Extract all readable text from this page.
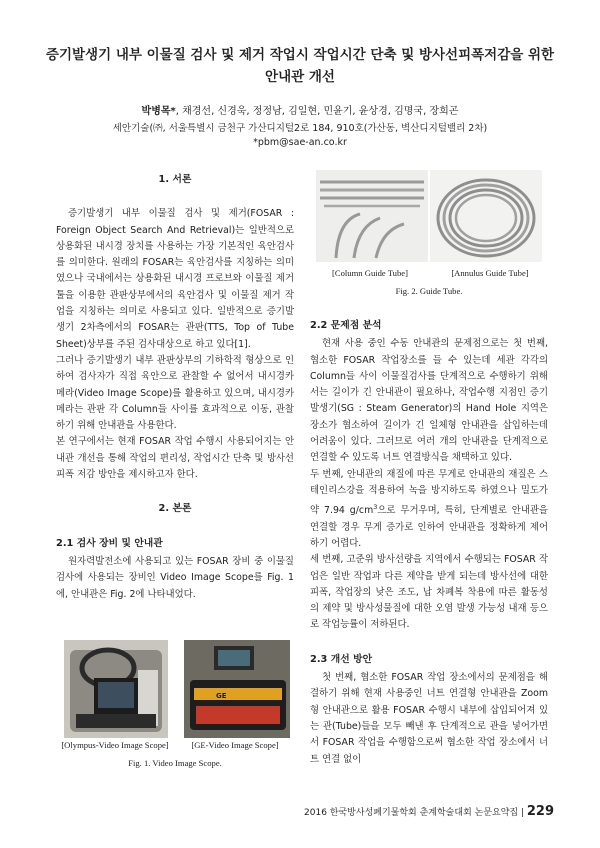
증기발생기 내부 이물질 검사 및 제거 작업시 작업시간 단축 및 방사선피폭저감을 위한
안내관 개선
박병목*, 채경선, 신경욱, 정정남, 김일현, 민윤기, 윤상경, 김명국, 장희곤
세안기술(㈜, 서울특별시 금천구 가산디지털2로 184, 910호(가산동, 벽산디지털밸리 2차)
*pbm@sae-an.co.kr
1. 서론

증기발생기 내부 이물질 검사 및 제거(FOSAR : Foreign Object Search And Retrieval)는 일반적으로 상용화된 내시경 장치를 사용하는 가장 기본적인 육안검사를 의미한다. 원래의 FOSAR는 육안검사를 지칭하는 의미였으나 국내에서는 상용화된 내시경 프로브와 이물질 제거툴을 이용한 관판상부에서의 육안검사 및 이물질 제거 작업을 지칭하는 의미로 사용되고 있다. 일반적으로 증기발생기 2차측에서의 FOSAR는 관판(TTS, Top of Tube Sheet)상부를 주된 검사대상으로 하고 있다[1].

그러나 증기발생기 내부 관판상부의 기하학적 형상으로 인하여 검사자가 직접 육안으로 관찰할 수 없어서 내시경카메라(Video Image Scope)를 활용하고 있으며, 내시경카메라는 관판 각 Column들 사이를 효과적으로 이동, 관찰하기 위해 안내관을 사용한다.

본 연구에서는 현재 FOSAR 작업 수행시 사용되어지는 안내관 개선을 통해 작업의 편리성, 작업시간 단축 및 방사선피폭 저감 방안을 제시하고자 한다.

2. 본론
2.1 검사 장비 및 안내관

원자력발전소에 사용되고 있는 FOSAR 장비 중 이물질 검사에 사용되는 장비인 Video Image Scope를 Fig. 1에, 안내관은 Fig. 2에 나타내었다.

GE
[Olympus-Video Image Scope]	[GE-Video Image Scope]
Fig. 1. Video Image Scope.
[Column Guide Tube]	[Annulus Guide Tube]
Fig. 2. Guide Tube.
2.2 문제점 분석

현재 사용 중인 수동 안내관의 문제점으로는 첫 번째, 협소한 FOSAR 작업장소를 들 수 있는데 세관 각각의 Column들 사이 이물질검사를 단계적으로 수행하기 위해서는 길이가 긴 안내관이 필요하나, 작업수행 지점인 증기발생기(SG : Steam Generator)의 Hand Hole 지역은 장소가 협소하여 길이가 긴 일체형 안내관을 삽입하는데 어려움이 있다. 그러므로 여러 개의 안내관을 단계적으로 연결할 수 있도록 너트 연결방식을 채택하고 있다.

두 번째, 안내관의 재질에 따른 무게로 안내관의 재질은 스테인리스강을 적용하여 녹을 방지하도록 하였으나 밀도가 약 7.94 $g/cm^3$으로 무거우며, 특히, 단계별로 안내관을 연결할 경우 무게 증가로 인하여 안내관을 정확하게 제어하기 어렵다.

세 번째, 고준위 방사선량을 지역에서 수행되는 FOSAR 작업은 일반 작업과 다른 제약을 받게 되는데 방사선에 대한 피폭, 작업장의 낮은 조도, 납 차폐복 착용에 따른 활동성의 제약 및 방사성물질에 대한 오염 발생 가능성 내재 등으로 작업능률이 저하된다.

2.3 개선 방안

첫 번째, 협소한 FOSAR 작업 장소에서의 문제점을 해결하기 위해 현재 사용중인 너트 연결형 안내관을 Zoom형 안내관으로 활용 FOSAR 수행시 내부에 삽입되어져 있는 관(Tube)들을 모두 빼낸 후 단계적으로 관을 넣어가면서 FOSAR 작업을 수행함으로써 협소한 작업 장소에서 너트 연결 없이

2016 한국방사성폐기물학회 춘계학술대회 논문요약집 | 229
